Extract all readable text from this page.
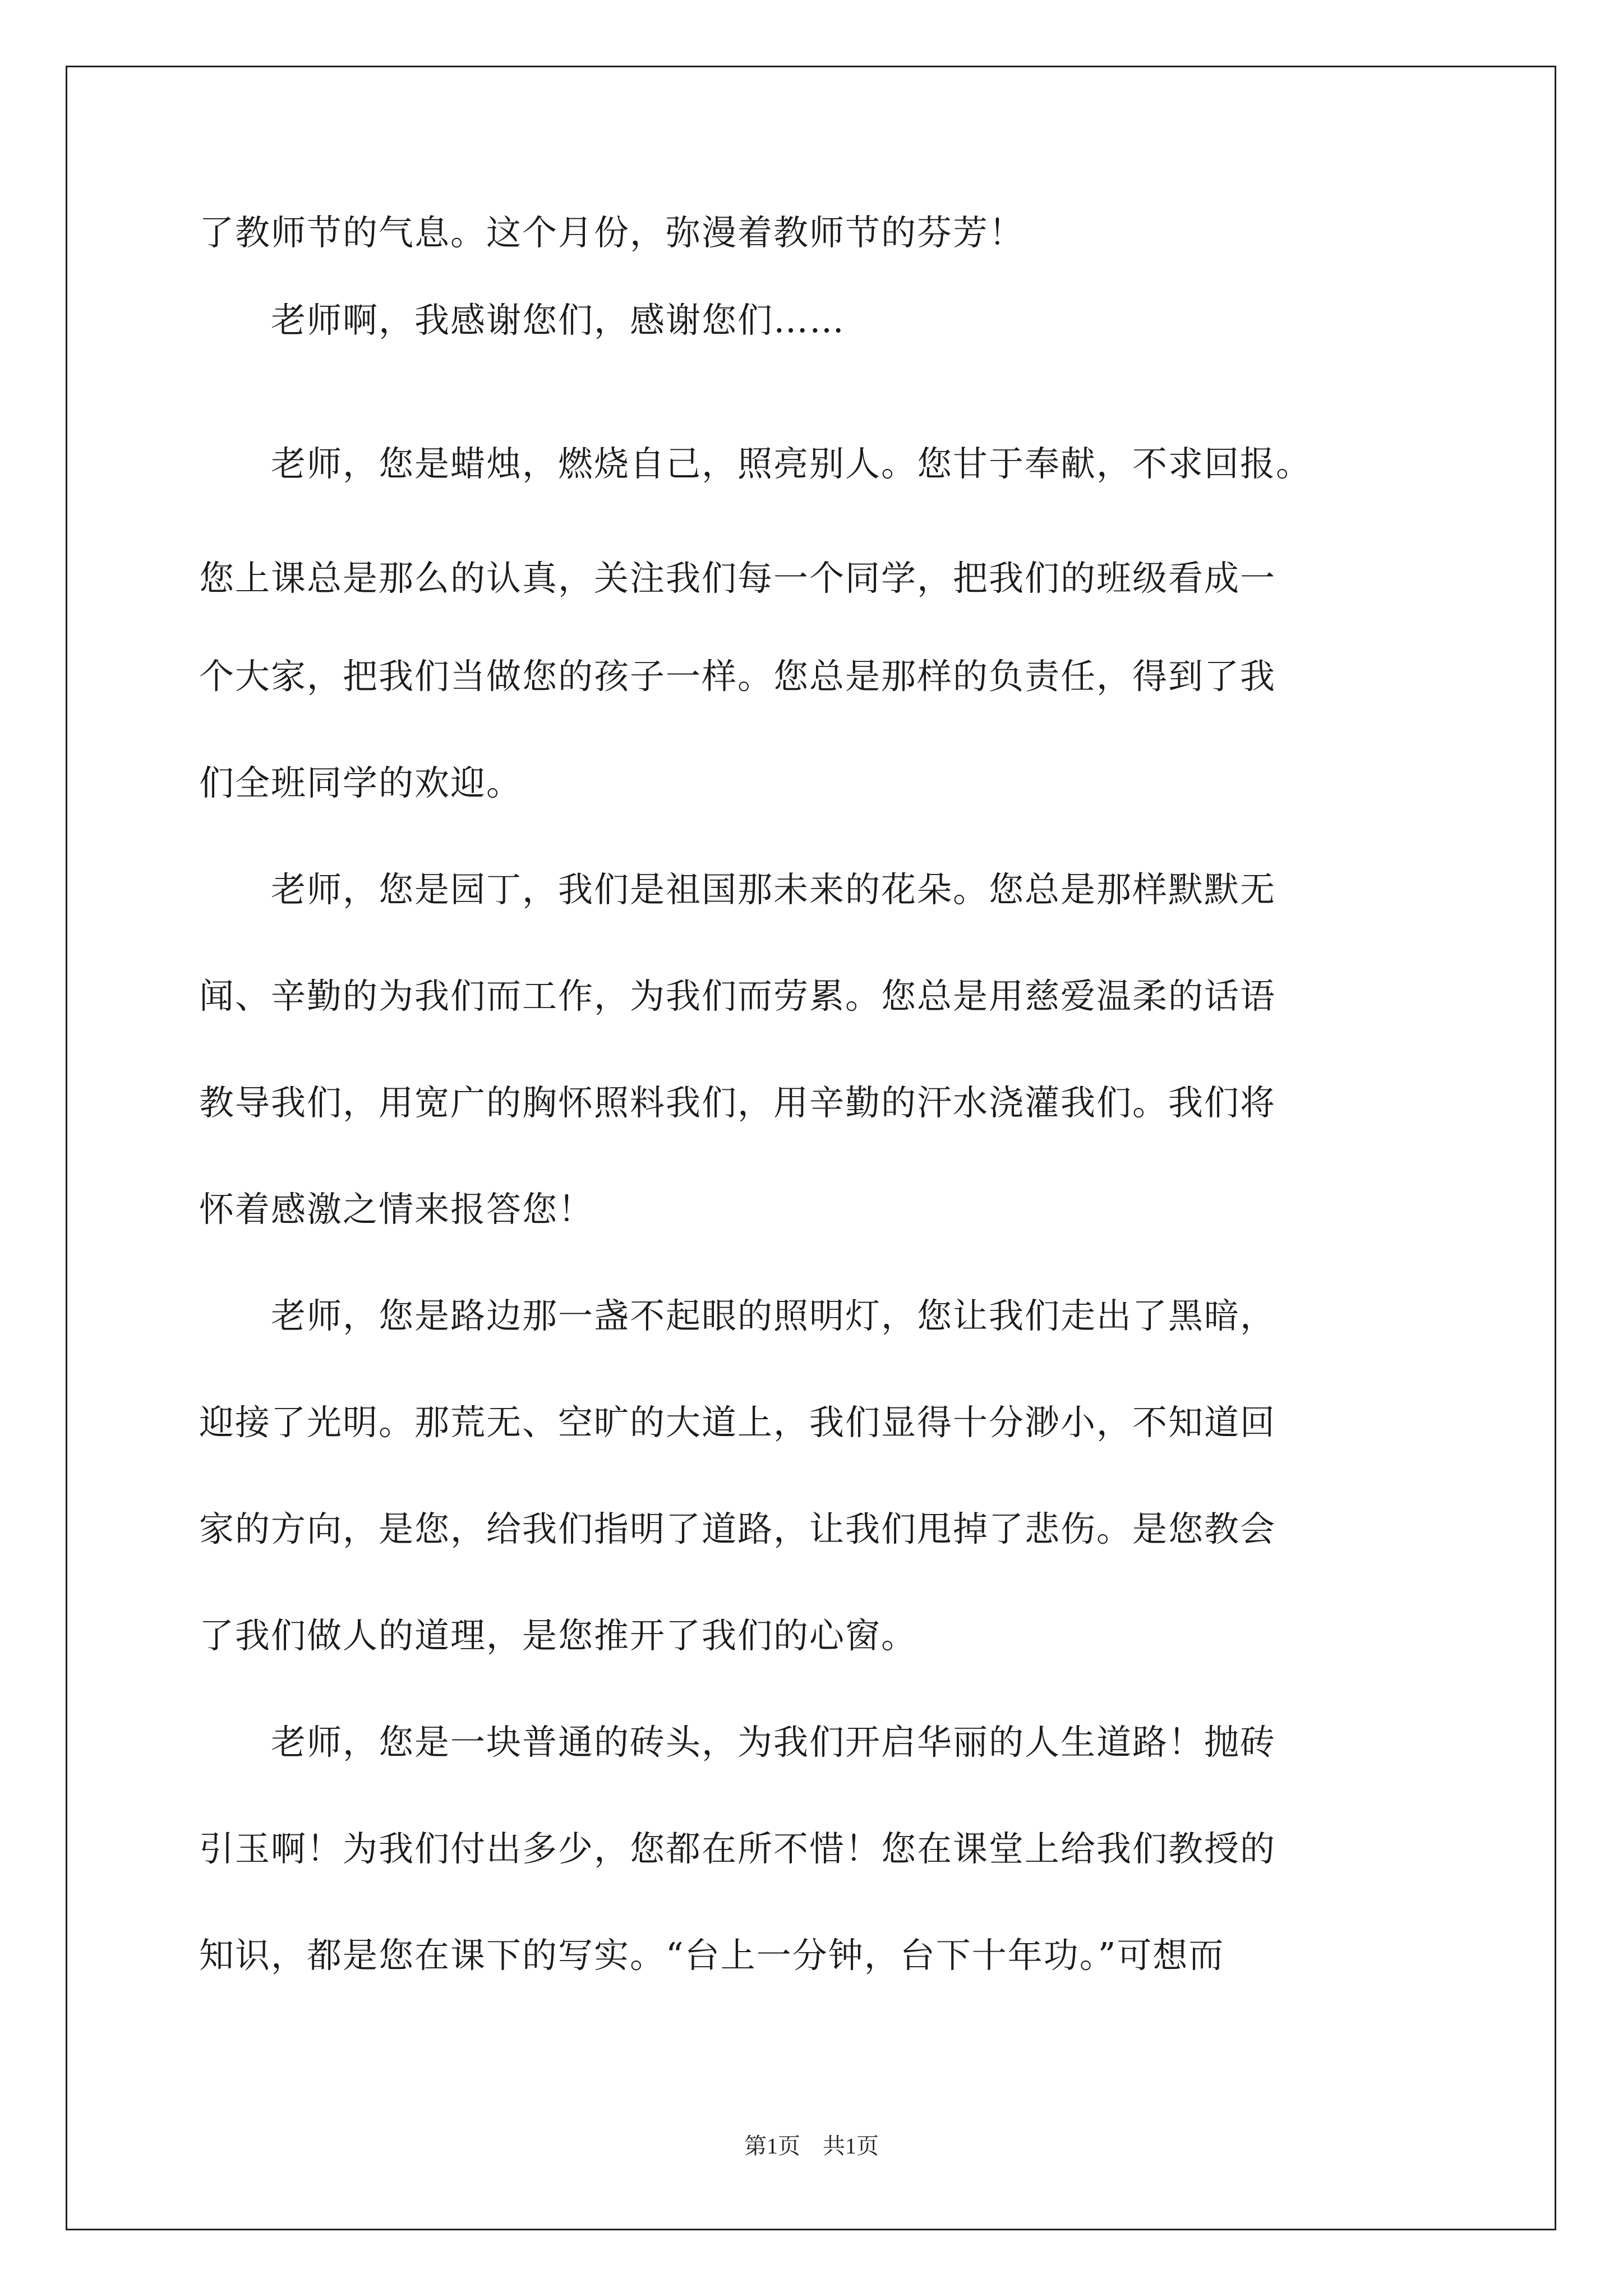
了教师节的气息。这个月份，弥漫着教师节的芬芳！
　　老师啊，我感谢您们，感谢您们……
　　老师，您是蜡烛，燃烧自己，照亮别人。您甘于奉献，不求回报。
您上课总是那么的认真，关注我们每一个同学，把我们的班级看成一
个大家，把我们当做您的孩子一样。您总是那样的负责任，得到了我
们全班同学的欢迎。
　　老师，您是园丁，我们是祖国那未来的花朵。您总是那样默默无
闻、辛勤的为我们而工作，为我们而劳累。您总是用慈爱温柔的话语
教导我们，用宽广的胸怀照料我们，用辛勤的汗水浇灌我们。我们将
怀着感激之情来报答您！
　　老师，您是路边那一盏不起眼的照明灯，您让我们走出了黑暗，
迎接了光明。那荒无、空旷的大道上，我们显得十分渺小，不知道回
家的方向，是您，给我们指明了道路，让我们甩掉了悲伤。是您教会
了我们做人的道理，是您推开了我们的心窗。
　　老师，您是一块普通的砖头，为我们开启华丽的人生道路！抛砖
引玉啊！为我们付出多少，您都在所不惜！您在课堂上给我们教授的
知识，都是您在课下的写实。“台上一分钟，台下十年功。”可想而
第1页　共1页
